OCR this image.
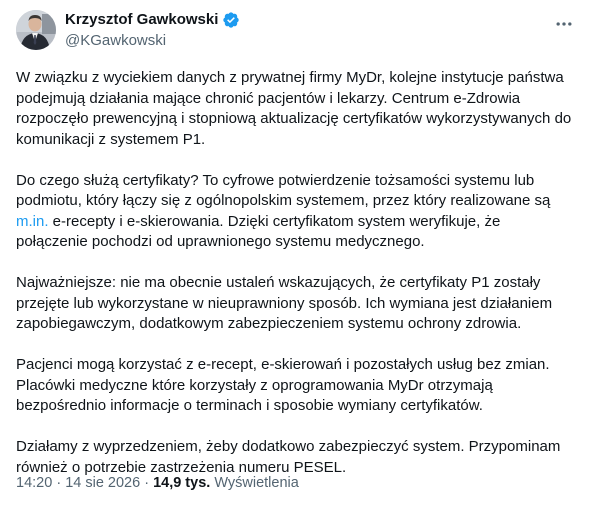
Krzysztof Gawkowski
@KGawkowski

W związku z wyciekiem danych z prywatnej firmy MyDr, kolejne instytucje państwa podejmują działania mające chronić pacjentów i lekarzy. Centrum e-Zdrowia rozpoczęło prewencyjną i stopniową aktualizację certyfikatów wykorzystywanych do komunikacji z systemem P1.

Do czego służą certyfikaty? To cyfrowe potwierdzenie tożsamości systemu lub podmiotu, który łączy się z ogólnopolskim systemem, przez który realizowane są m.in. e-recepty i e-skierowania. Dzięki certyfikatom system weryfikuje, że połączenie pochodzi od uprawnionego systemu medycznego.

Najważniejsze: nie ma obecnie ustaleń wskazujących, że certyfikaty P1 zostały przejęte lub wykorzystane w nieuprawniony sposób. Ich wymiana jest działaniem zapobiegawczym, dodatkowym zabezpieczeniem systemu ochrony zdrowia.

Pacjenci mogą korzystać z e-recept, e-skierowań i pozostałych usług bez zmian. Placówki medyczne które korzystały z oprogramowania MyDr otrzymają bezpośrednio informacje o terminach i sposobie wymiany certyfikatów.

Działamy z wyprzedzeniem, żeby dodatkowo zabezpieczyć system. Przypominam również o potrzebie zastrzeżenia numeru PESEL.

14:20 · 14 sie 2026 · 14,9 tys. Wyświetlenia
